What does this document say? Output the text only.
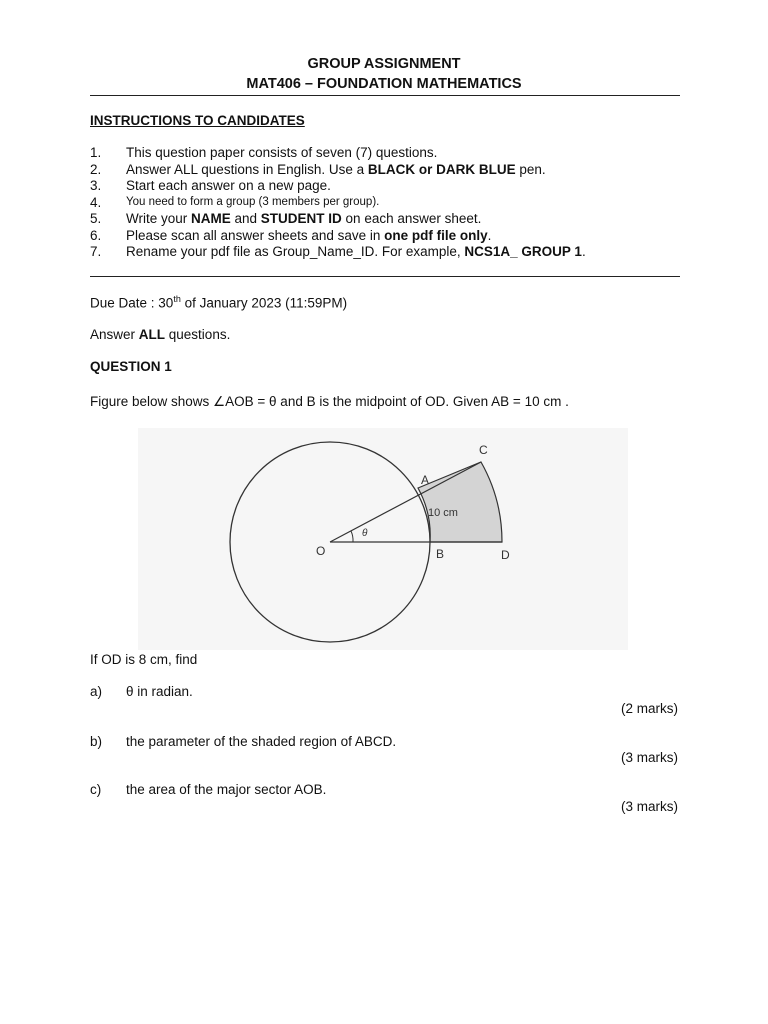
GROUP ASSIGNMENT
MAT406 – FOUNDATION MATHEMATICS
INSTRUCTIONS TO CANDIDATES
1. This question paper consists of seven (7) questions.
2. Answer ALL questions in English. Use a BLACK or DARK BLUE pen.
3. Start each answer on a new page.
4. You need to form a group (3 members per group).
5. Write your NAME and STUDENT ID on each answer sheet.
6. Please scan all answer sheets and save in one pdf file only.
7. Rename your pdf file as Group_Name_ID. For example, NCS1A_ GROUP 1.
Due Date : 30th of January 2023 (11:59PM)
Answer ALL questions.
QUESTION 1
Figure below shows ∠AOB = θ and B is the midpoint of OD. Given AB = 10 cm .
θ
O
A
B
C
D
10 cm
If OD is 8 cm, find
a) θ in radian.
(2 marks)
b) the parameter of the shaded region of ABCD.
(3 marks)
c) the area of the major sector AOB.
(3 marks)
